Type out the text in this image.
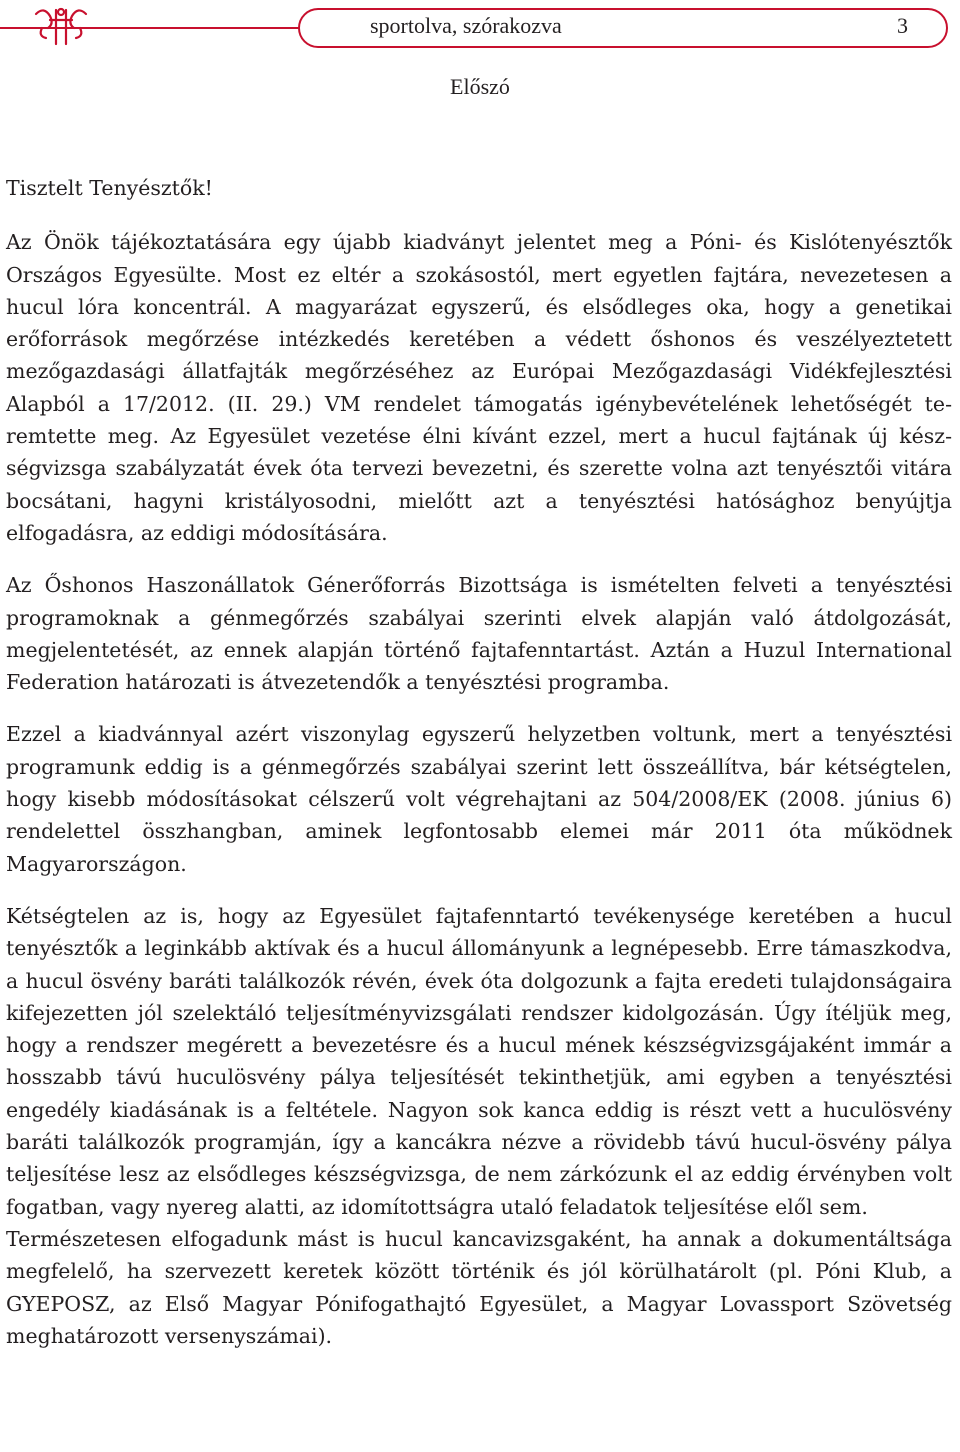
sportolva, szórakozva	3
Előszó

Tisztelt Tenyésztők!

Az Önök tájékoztatására egy újabb kiadványt jelentet meg a Póni- és Kislótenyésztők Országos Egyesülte. Most ez eltér a szokásostól, mert egyetlen fajtára, nevezetesen a hucul lóra koncentrál. A magyarázat egyszerű, és elsődleges oka, hogy a genetikai erőforrások megőrzése intézkedés keretében a védett őshonos és veszélyeztetett mezőgazdasági állatfajták megőrzéséhez az Európai Mezőgazdasági Vidékfejlesztési Alapból a 17/2012. (II. 29.) VM rendelet támogatás igénybevételének lehetőségét teremtette meg. Az Egyesület vezetése élni kívánt ezzel, mert a hucul fajtának új készségvizsga szabályzatát évek óta tervezi bevezetni, és szerette volna azt tenyésztői vitára bocsátani, hagyni kristályosodni, mielőtt azt a tenyésztési hatósághoz benyújtja elfogadásra, az eddigi módosítására.

Az Őshonos Haszonállatok Génerőforrás Bizottsága is ismételten felveti a tenyésztési programoknak a génmegőrzés szabályai szerinti elvek alapján való átdolgozását, megjelentetését, az ennek alapján történő fajtafenntartást. Aztán a Huzul International Federation határozati is átvezetendők a tenyésztési programba.

Ezzel a kiadvánnyal azért viszonylag egyszerű helyzetben voltunk, mert a tenyésztési programunk eddig is a génmegőrzés szabályai szerint lett összeállítva, bár kétségtelen, hogy kisebb módosításokat célszerű volt végrehajtani az 504/2008/EK (2008. június 6) rendelettel összhangban, aminek legfontosabb elemei már 2011 óta működnek Magyarországon.

Kétségtelen az is, hogy az Egyesület fajtafenntartó tevékenysége keretében a hucul tenyésztők a leginkább aktívak és a hucul állományunk a legnépesebb. Erre támaszkodva, a hucul ösvény baráti találkozók révén, évek óta dolgozunk a fajta eredeti tulajdonságaira kifejezetten jól szelektáló teljesítményvizsgálati rendszer kidolgozásán. Úgy ítéljük meg, hogy a rendszer megérett a bevezetésre és a hucul mének készségvizsgájaként immár a hosszabb távú huculösvény pálya teljesítését tekinthetjük, ami egyben a tenyésztési engedély kiadásának is a feltétele. Nagyon sok kanca eddig is részt vett a huculösvény baráti találkozók programján, így a kancákra nézve a rövidebb távú hucul-ösvény pálya teljesítése lesz az elsődleges készségvizsga, de nem zárkózunk el az eddig érvényben volt fogatban, vagy nyereg alatti, az idomítottságra utaló feladatok teljesítése elől sem.

Természetesen elfogadunk mást is hucul kancavizsgaként, ha annak a dokumentáltsága megfelelő, ha szervezett keretek között történik és jól körülhatárolt (pl. Póni Klub, a GYEPOSZ, az Első Magyar Pónifogathajtó Egyesület, a Magyar Lovassport Szövetség meghatározott versenyszámai).
